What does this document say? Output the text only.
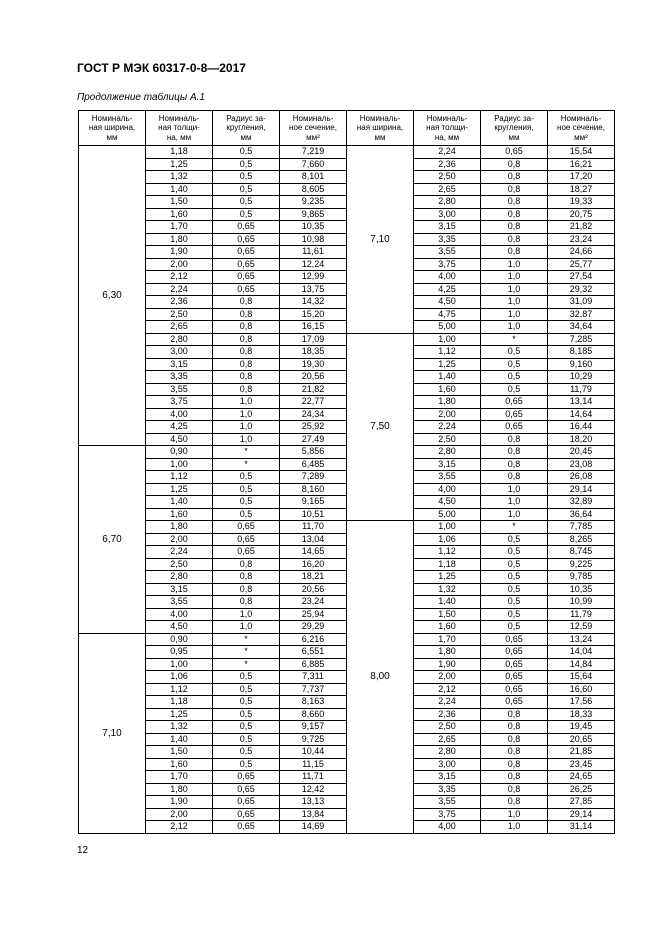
ГОСТ Р МЭК 60317-0-8—2017
Продолжение таблицы А.1
Номиналь-
ная ширина,
мм	Номиналь-
ная толщи-
на, мм	Радиус за-
кругления,
мм	Номиналь-
ное сечение,
мм²	Номиналь-
ная ширина,
мм	Номиналь-
ная толщи-
на, мм	Радиус за-
кругления,
мм	Номиналь-
ное сечение,
мм²

6,30	1,18	0,5	7,219	7,10	2,24	0,65	15,54
	1,25	0,5	7,660		2,36	0,8	16,21
	1,32	0,5	8,101		2,50	0,8	17,20
	1,40	0,5	8,605		2,65	0,8	18,27
	1,50	0,5	9,235		2,80	0,8	19,33
	1,60	0,5	9,865		3,00	0,8	20,75
	1,70	0,65	10,35		3,15	0,8	21,82
	1,80	0,65	10,98		3,35	0,8	23,24
	1,90	0,65	11,61		3,55	0,8	24,66
	2,00	0,65	12,24		3,75	1,0	25,77
	2,12	0,65	12,99		4,00	1,0	27,54
	2,24	0,65	13,75		4,25	1,0	29,32
	2,36	0,8	14,32		4,50	1,0	31,09
	2,50	0,8	15,20		4,75	1,0	32,87
	2,65	0,8	16,15		5,00	1,0	34,64
	2,80	0,8	17,09	7,50	1,00	*	7,285
	3,00	0,8	18,35		1,12	0,5	8,185
	3,15	0,8	19,30		1,25	0,5	9,160
	3,35	0,8	20,56		1,40	0,5	10,29
	3,55	0,8	21,82		1,60	0,5	11,79
	3,75	1,0	22,77		1,80	0,65	13,14
	4,00	1,0	24,34		2,00	0,65	14,64
	4,25	1,0	25,92		2,24	0,65	16,44
	4,50	1,0	27,49		2,50	0,8	18,20
6,70	0,90	*	5,856		2,80	0,8	20,45
	1,00	*	6,485		3,15	0,8	23,08
	1,12	0,5	7,289		3,55	0,8	26,08
	1,25	0,5	8,160		4,00	1,0	29,14
	1,40	0,5	9,165		4,50	1,0	32,89
	1,60	0,5	10,51		5,00	1,0	36,64
	1,80	0,65	11,70	8,00	1,00	*	7,785
	2,00	0,65	13,04		1,06	0,5	8,265
	2,24	0,65	14,65		1,12	0,5	8,745
	2,50	0,8	16,20		1,18	0,5	9,225
	2,80	0,8	18,21		1,25	0,5	9,785
	3,15	0,8	20,56		1,32	0,5	10,35
	3,55	0,8	23,24		1,40	0,5	10,99
	4,00	1,0	25,94		1,50	0,5	11,79
	4,50	1,0	29,29		1,60	0,5	12,59
7,10	0,90	*	6,216		1,70	0,65	13,24
	0,95	*	6,551		1,80	0,65	14,04
	1,00	*	6,885		1,90	0,65	14,84
	1,06	0,5	7,311		2,00	0,65	15,64
	1,12	0,5	7,737		2,12	0,65	16,60
	1,18	0,5	8,163		2,24	0,65	17,56
	1,25	0,5	8,660		2,36	0,8	18,33
	1,32	0,5	9,157		2,50	0,8	19,45
	1,40	0,5	9,725		2,65	0,8	20,65
	1,50	0,5	10,44		2,80	0,8	21,85
	1,60	0,5	11,15		3,00	0,8	23,45
	1,70	0,65	11,71		3,15	0,8	24,65
	1,80	0,65	12,42		3,35	0,8	26,25
	1,90	0,65	13,13		3,55	0,8	27,85
	2,00	0,65	13,84		3,75	1,0	29,14
	2,12	0,65	14,69		4,00	1,0	31,14
12
